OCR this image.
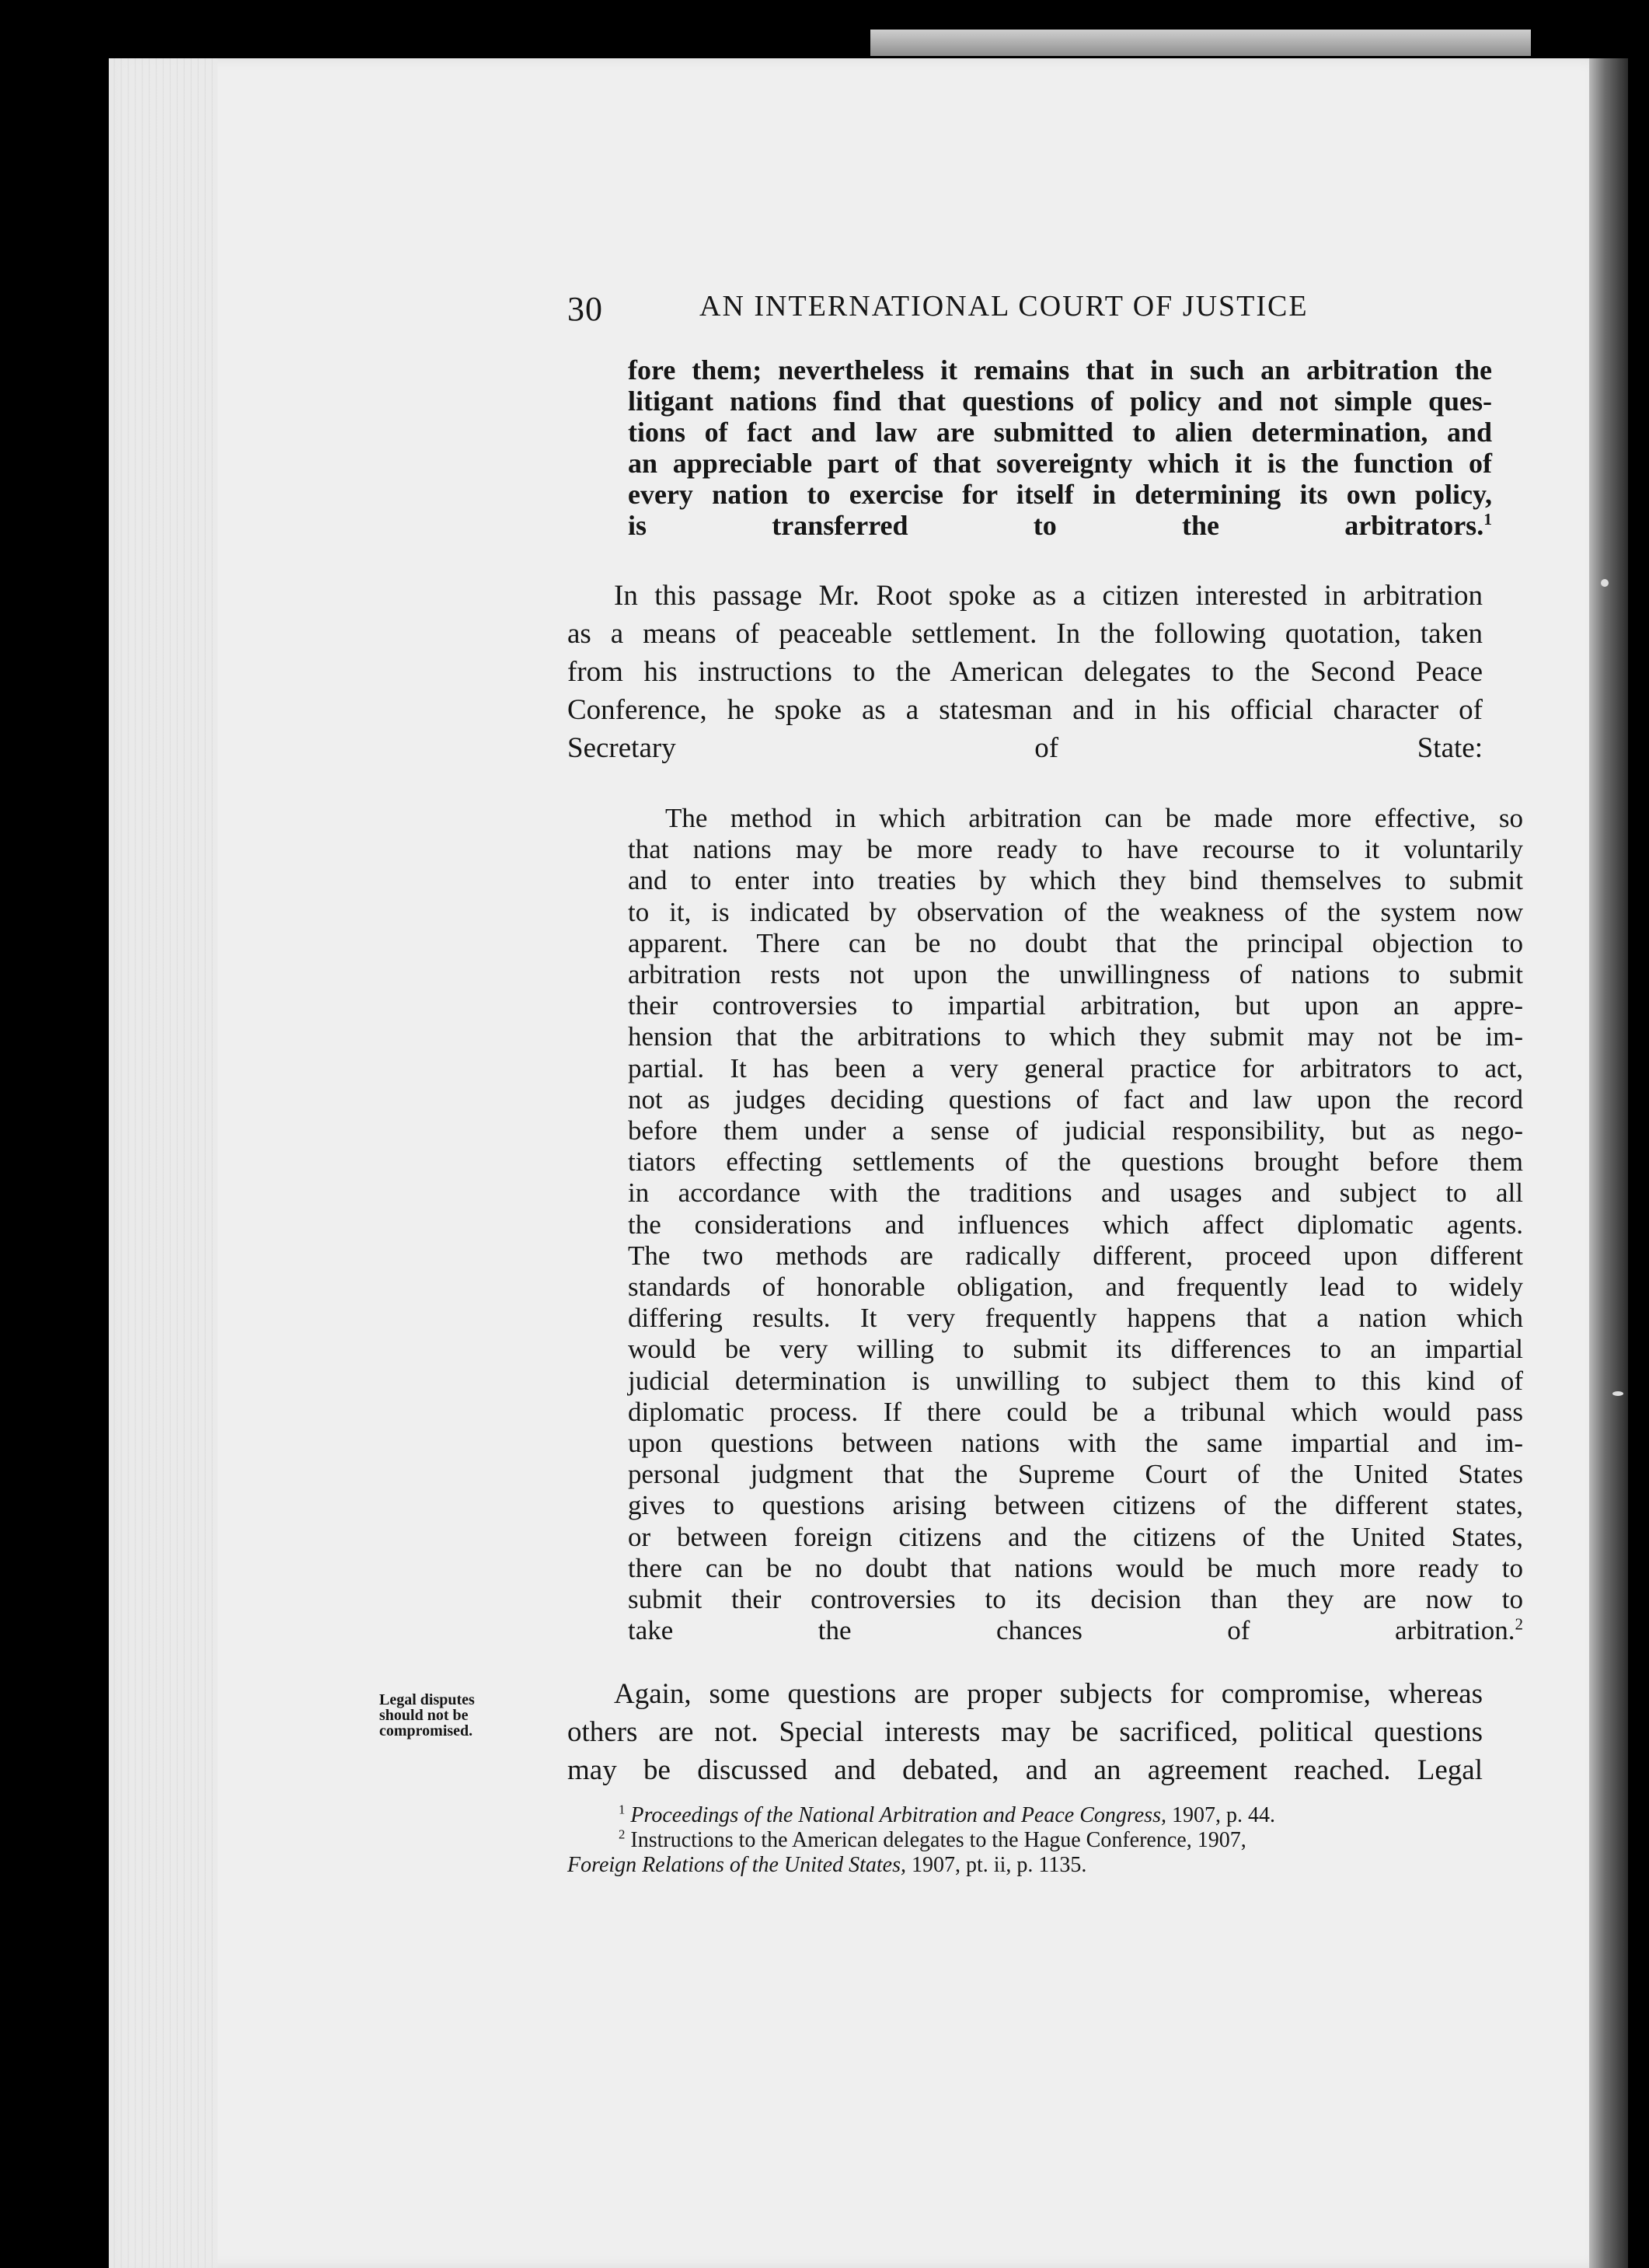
30	AN INTERNATIONAL COURT OF JUSTICE
fore them; nevertheless it remains that in such an arbitration the
litigant nations find that questions of policy and not simple ques-
tions of fact and law are submitted to alien determination, and
an appreciable part of that sovereignty which it is the function of
every nation to exercise for itself in determining its own policy,
is transferred to the arbitrators.$^1$
In this passage Mr. Root spoke as a citizen interested in arbitration
as a means of peaceable settlement. In the following quotation, taken
from his instructions to the American delegates to the Second Peace
Conference, he spoke as a statesman and in his official character of
Secretary of State:
The method in which arbitration can be made more effective, so
that nations may be more ready to have recourse to it voluntarily
and to enter into treaties by which they bind themselves to submit
to it, is indicated by observation of the weakness of the system now
apparent. There can be no doubt that the principal objection to
arbitration rests not upon the unwillingness of nations to submit
their controversies to impartial arbitration, but upon an appre-
hension that the arbitrations to which they submit may not be im-
partial. It has been a very general practice for arbitrators to act,
not as judges deciding questions of fact and law upon the record
before them under a sense of judicial responsibility, but as nego-
tiators effecting settlements of the questions brought before them
in accordance with the traditions and usages and subject to all
the considerations and influences which affect diplomatic agents.
The two methods are radically different, proceed upon different
standards of honorable obligation, and frequently lead to widely
differing results. It very frequently happens that a nation which
would be very willing to submit its differences to an impartial
judicial determination is unwilling to subject them to this kind of
diplomatic process. If there could be a tribunal which would pass
upon questions between nations with the same impartial and im-
personal judgment that the Supreme Court of the United States
gives to questions arising between citizens of the different states,
or between foreign citizens and the citizens of the United States,
there can be no doubt that nations would be much more ready to
submit their controversies to its decision than they are now to
take the chances of arbitration.$^2$
Legal disputes
should not be
compromised.
Again, some questions are proper subjects for compromise, whereas
others are not. Special interests may be sacrificed, political questions
may be discussed and debated, and an agreement reached. Legal
$^1$ Proceedings of the National Arbitration and Peace Congress, 1907, p. 44.
$^2$ Instructions to the American delegates to the Hague Conference, 1907,
Foreign Relations of the United States, 1907, pt. ii, p. 1135.
